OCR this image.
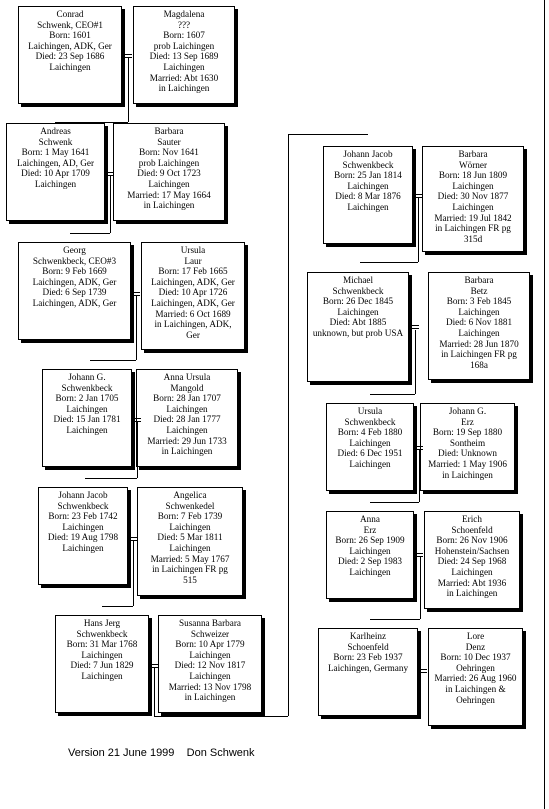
Conrad
Schwenk, CEO#1
Born: 1601
Laichingen, ADK, Ger
Died: 23 Sep 1686
Laichingen
Magdalena
???
Born: 1607
prob Laichingen
Died: 13 Sep 1689
Laichingen
Married: Abt 1630
in Laichingen
Andreas
Schwenk
Born: 1 May 1641
Laichingen, AD, Ger
Died: 10 Apr 1709
Laichingen
Barbara
Sauter
Born: Nov 1641
prob Laichingen
Died: 9 Oct 1723
Laichingen
Married: 17 May 1664
in Laichingen
Georg
Schwenkbeck, CEO#3
Born: 9 Feb 1669
Laichingen, ADK, Ger
Died: 6 Sep 1739
Laichingen, ADK, Ger
Ursula
Laur
Born: 17 Feb 1665
Laichingen, ADK, Ger
Died: 10 Apr 1726
Laichingen, ADK, Ger
Married: 6 Oct 1689
in Laichingen, ADK,
Ger
Johann G.
Schwenkbeck
Born: 2 Jan 1705
Laichingen
Died: 15 Jan 1781
Laichingen
Anna Ursula
Mangold
Born: 28 Jan 1707
Laichingen
Died: 28 Jan 1777
Laichingen
Married: 29 Jun 1733
in Laichingen
Johann Jacob
Schwenkbeck
Born: 23 Feb 1742
Laichingen
Died: 19 Aug 1798
Laichingen
Angelica
Schwenkedel
Born: 7 Feb 1739
Laichingen
Died: 5 Mar 1811
Laichingen
Married: 5 May 1767
in Laichingen FR pg
515
Hans Jerg
Schwenkbeck
Born: 31 Mar 1768
Laichingen
Died: 7 Jun 1829
Laichingen
Susanna Barbara
Schweizer
Born: 10 Apr 1779
Laichingen
Died: 12 Nov 1817
Laichingen
Married: 13 Nov 1798
in Laichingen
Johann Jacob
Schwenkbeck
Born: 25 Jan 1814
Laichingen
Died: 8 Mar 1876
Laichingen
Barbara
Wörner
Born: 18 Jun 1809
Laichingen
Died: 30 Nov 1877
Laichingen
Married: 19 Jul 1842
in Laichingen FR pg
315d
Michael
Schwenkbeck
Born: 26 Dec 1845
Laichingen
Died: Abt 1885
unknown, but prob USA
Barbara
Betz
Born: 3 Feb 1845
Laichingen
Died: 6 Nov 1881
Laichingen
Married: 28 Jun 1870
in Laichingen FR pg
168a
Ursula
Schwenkbeck
Born: 4 Feb 1880
Laichingen
Died: 6 Dec 1951
Laichingen
Johann G.
Erz
Born: 19 Sep 1880
Sontheim
Died: Unknown
Married: 1 May 1906
in Laichingen
Anna
Erz
Born: 26 Sep 1909
Laichingen
Died: 2 Sep 1983
Laichingen
Erich
Schoenfeld
Born: 26 Nov 1906
Hohenstein/Sachsen
Died: 24 Sep 1968
Laichingen
Married: Abt 1936
in Laichingen
Karlheinz
Schoenfeld
Born: 23 Feb 1937
Laichingen, Germany
Lore
Denz
Born: 10 Dec 1937
Oehringen
Married: 26 Aug 1960
in Laichingen &
Oehringen
Version 21 June 1999 Don Schwenk
